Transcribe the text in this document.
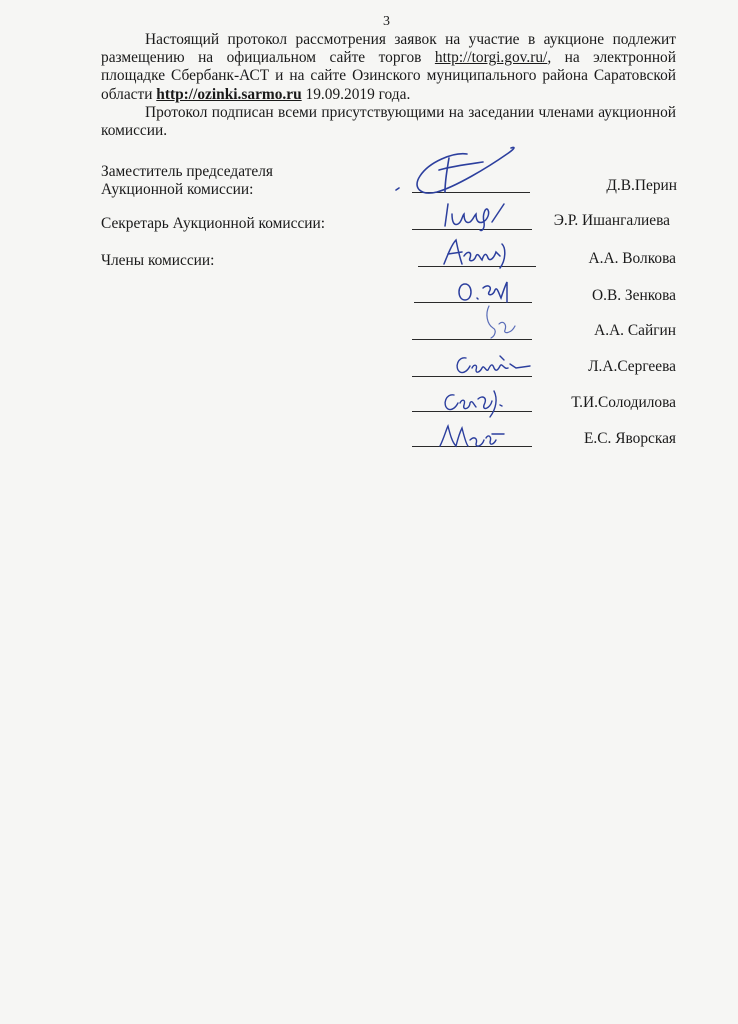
3
Настоящий протокол рассмотрения заявок на участие в аукционе подлежит размещению на официальном сайте торгов http://torgi.gov.ru/, на электронной площадке Сбербанк-АСТ и на сайте Озинского муниципального района Саратовской области http://ozinki.sarmo.ru 19.09.2019 года.
Протокол подписан всеми присутствующими на заседании членами аукционной комиссии.
Заместитель председателя
Аукционной комиссии:
Секретарь Аукционной комиссии:
Члены комиссии:
Д.В.Перин
Э.Р. Ишангалиева
А.А. Волкова
О.В. Зенкова
А.А. Сайгин
Л.А.Сергеева
Т.И.Солодилова
Е.С. Яворская
